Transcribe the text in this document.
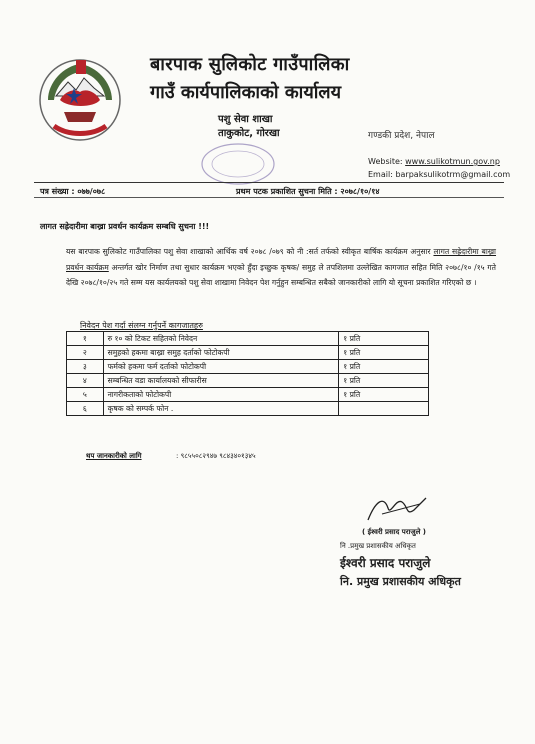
बारपाक सुलिकोट गाउँपालिका
गाउँ कार्यपालिकाको कार्यालय
पशु सेवा शाखा
ताकुकोट, गोरखा	गण्डकी प्रदेश, नेपाल
Website: www.sulikotmun.gov.np
Email: barpaksulikotrm@gmail.com
पत्र संख्या : ०७७/०७८	प्रथम पटक प्रकाशित सुचना मिति : २०७८/१०/१४
लागत सह्रेदारीमा बाख्रा प्रवर्धन कार्यक्रम सम्बधि सुचना !!!
यस बारपाक सुलिकोट गाउँपालिका पशु सेवा शाखाको आर्थिक वर्ष २०७८ /०७९ को नी :सर्त तर्फको स्वीकृत बार्षिक कार्यक्रम अनुसार लागत सह्रेदारीमा बाख्रा प्रवर्धन कार्यक्रम अन्तर्गत खोर निर्माण तथा सुधार कार्यक्रम भएकाे हुँदा इच्छुक कृषक/ समुह ले तपशिलमा उल्लेखित कागजात सहित मिति २०७८/१० /१५ गते देखि २०७८/१०/२५ गते सम्म यस कार्यलयको पशु सेवा शाखामा निवेदन पेश गर्नुहुन सम्बन्धित सबैको जानकारीको लागि यो सूचना प्रकाशित गरिएको छ ।
निवेदन पेश गर्दा संलग्न गर्नुपर्ने कागजातहरु
१	रु १० को टिकट सहितको निवेदन	१ प्रति
२	समुहको हकमा बाख्रा समुह दर्ताको फोटोकपी	१ प्रति
३	फर्मको हकमा फर्म दर्ताको फोटोकपी	१ प्रति
४	सम्बन्धित वडा कार्यालयको सीफारीस	१ प्रति
५	नागरीकताको फोटोकपी	१ प्रति
६	कृषक को सम्पर्क फोन .	
थप जानकारीको लागि	: ९८५५०८२९४७ ९८४३४०१३४५
( ईश्वरी प्रसाद पराजुले )
नि .प्रमुख प्रशासकीय अधिकृत
ईश्वरी प्रसाद पराजुले
नि. प्रमुख प्रशासकीय अधिकृत
